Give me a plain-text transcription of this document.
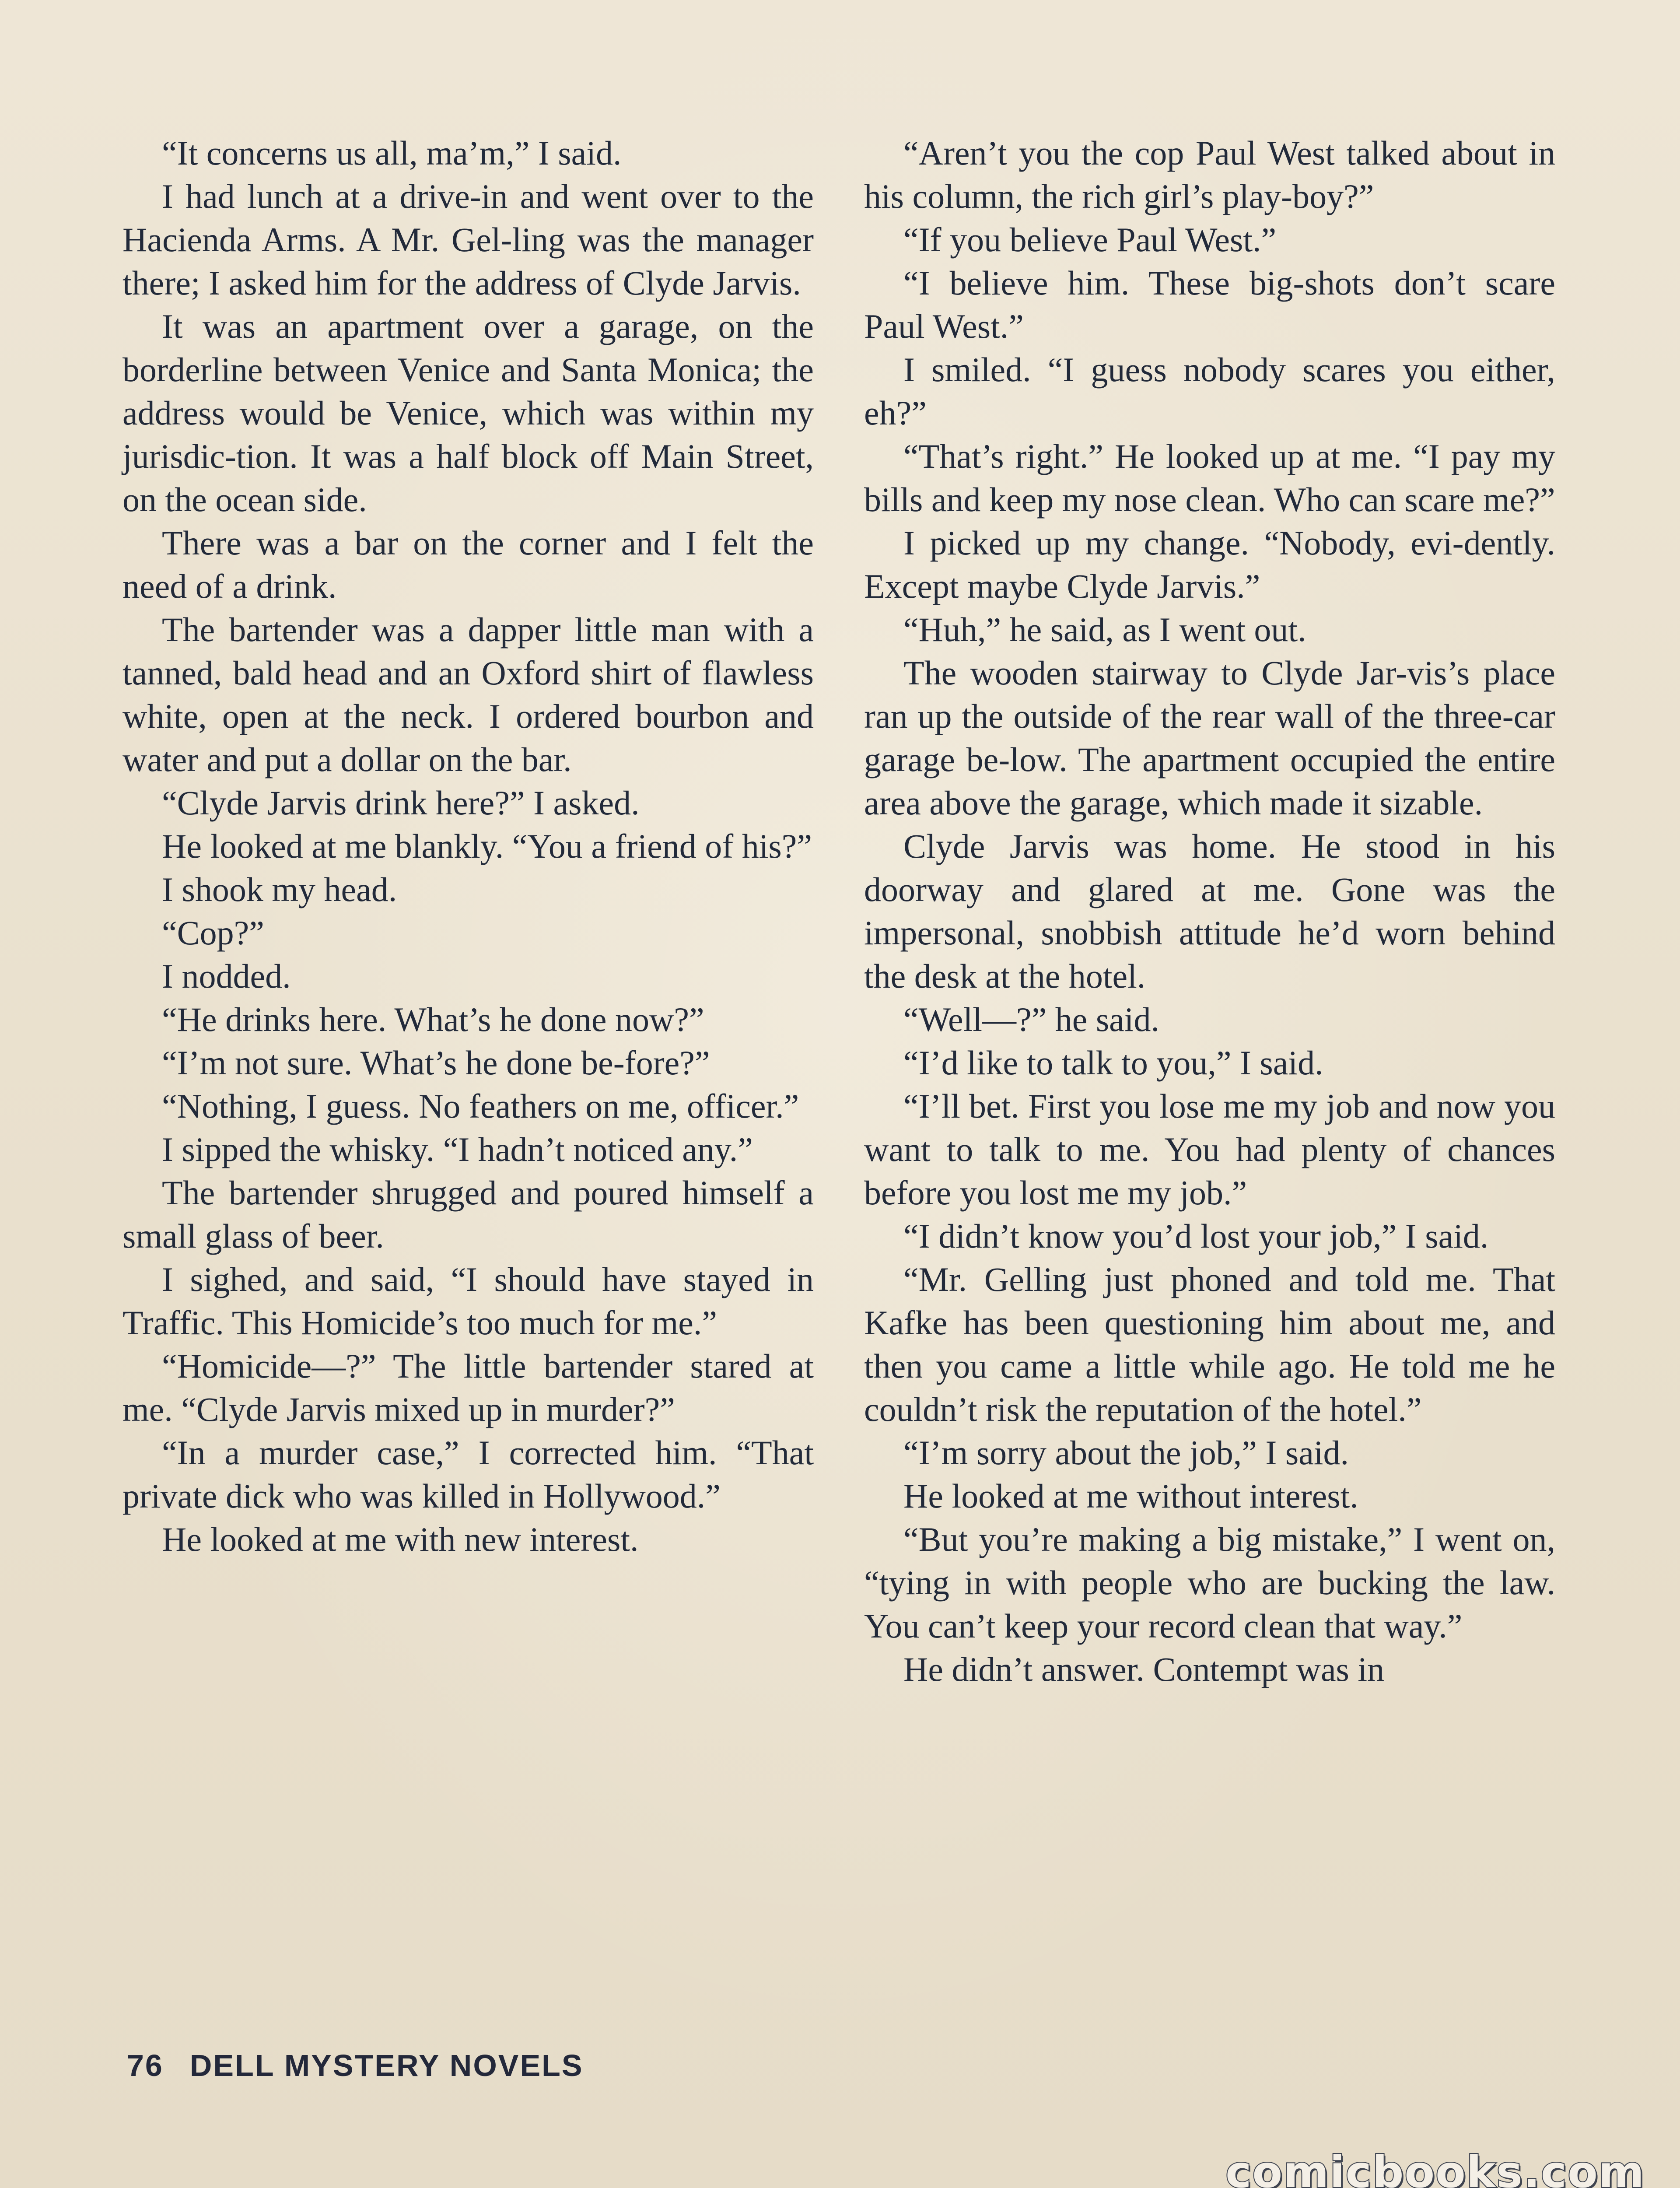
“It concerns us all, ma’m,” I said.

I had lunch at a drive-in and went over to the Hacienda Arms. A Mr. Gel-ling was the manager there; I asked him for the address of Clyde Jarvis.

It was an apartment over a garage, on the borderline between Venice and Santa Monica; the address would be Venice, which was within my jurisdic-tion. It was a half block off Main Street, on the ocean side.

There was a bar on the corner and I felt the need of a drink.

The bartender was a dapper little man with a tanned, bald head and an Oxford shirt of flawless white, open at the neck. I ordered bourbon and water and put a dollar on the bar.

“Clyde Jarvis drink here?” I asked.

He looked at me blankly. “You a friend of his?”

I shook my head.

“Cop?”

I nodded.

“He drinks here. What’s he done now?”

“I’m not sure. What’s he done be-fore?”

“Nothing, I guess. No feathers on me, officer.”

I sipped the whisky. “I hadn’t noticed any.”

The bartender shrugged and poured himself a small glass of beer.

I sighed, and said, “I should have stayed in Traffic. This Homicide’s too much for me.”

“Homicide—?” The little bartender stared at me. “Clyde Jarvis mixed up in murder?”

“In a murder case,” I corrected him. “That private dick who was killed in Hollywood.”

He looked at me with new interest.

“Aren’t you the cop Paul West talked about in his column, the rich girl’s play-boy?”

“If you believe Paul West.”

“I believe him. These big-shots don’t scare Paul West.”

I smiled. “I guess nobody scares you either, eh?”

“That’s right.” He looked up at me. “I pay my bills and keep my nose clean. Who can scare me?”

I picked up my change. “Nobody, evi-dently. Except maybe Clyde Jarvis.”

“Huh,” he said, as I went out.

The wooden stairway to Clyde Jar-vis’s place ran up the outside of the rear wall of the three-car garage be-low. The apartment occupied the entire area above the garage, which made it sizable.

Clyde Jarvis was home. He stood in his doorway and glared at me. Gone was the impersonal, snobbish attitude he’d worn behind the desk at the hotel.

“Well—?” he said.

“I’d like to talk to you,” I said.

“I’ll bet. First you lose me my job and now you want to talk to me. You had plenty of chances before you lost me my job.”

“I didn’t know you’d lost your job,” I said.

“Mr. Gelling just phoned and told me. That Kafke has been questioning him about me, and then you came a little while ago. He told me he couldn’t risk the reputation of the hotel.”

“I’m sorry about the job,” I said.

He looked at me without interest.

“But you’re making a big mistake,” I went on, “tying in with people who are bucking the law. You can’t keep your record clean that way.”

He didn’t answer. Contempt was in

76 DELL MYSTERY NOVELS
comicbooks.com
